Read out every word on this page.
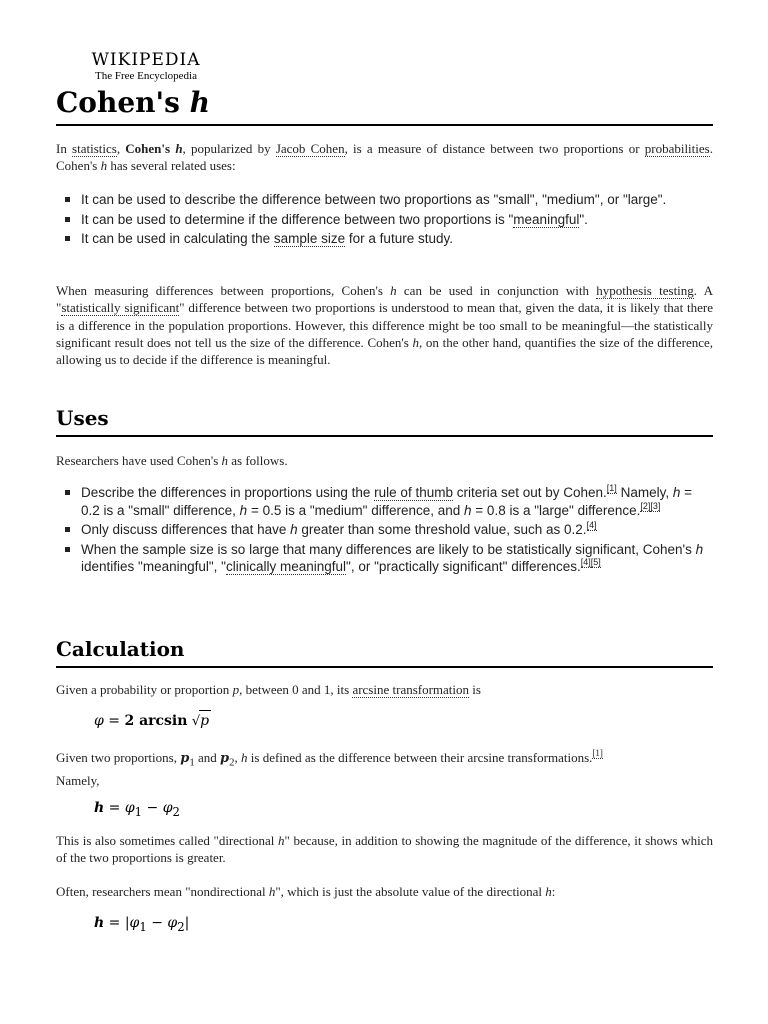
WIKIPEDIA
The Free Encyclopedia
Cohen's h

In statistics, Cohen's h, popularized by Jacob Cohen, is a measure of distance between two proportions or probabilities. Cohen's h has several related uses:

It can be used to describe the difference between two proportions as "small", "medium", or "large".
It can be used to determine if the difference between two proportions is "meaningful".
It can be used in calculating the sample size for a future study.

When measuring differences between proportions, Cohen's h can be used in conjunction with hypothesis testing. A "statistically significant" difference between two proportions is understood to mean that, given the data, it is likely that there is a difference in the population proportions. However, this difference might be too small to be meaningful—the statistically significant result does not tell us the size of the difference. Cohen's h, on the other hand, quantifies the size of the difference, allowing us to decide if the difference is meaningful.

Uses

Researchers have used Cohen's h as follows.

Describe the differences in proportions using the rule of thumb criteria set out by Cohen.[1] Namely, h = 0.2 is a "small" difference, h = 0.5 is a "medium" difference, and h = 0.8 is a "large" difference.[2][3]
Only discuss differences that have h greater than some threshold value, such as 0.2.[4]
When the sample size is so large that many differences are likely to be statistically significant, Cohen's h identifies "meaningful", "clinically meaningful", or "practically significant" differences.[4][5]
Calculation

Given a probability or proportion p, between 0 and 1, its arcsine transformation is

φ = 2 arcsin √p

Given two proportions, $p_1$ and $p_2$, h is defined as the difference between their arcsine transformations.[1]
Namely,

$h = \varphi_1 - \varphi_2$

This is also sometimes called "directional h" because, in addition to showing the magnitude of the difference, it shows which of the two proportions is greater.

Often, researchers mean "nondirectional h", which is just the absolute value of the directional h:

$h = |\varphi_1 - \varphi_2|$
